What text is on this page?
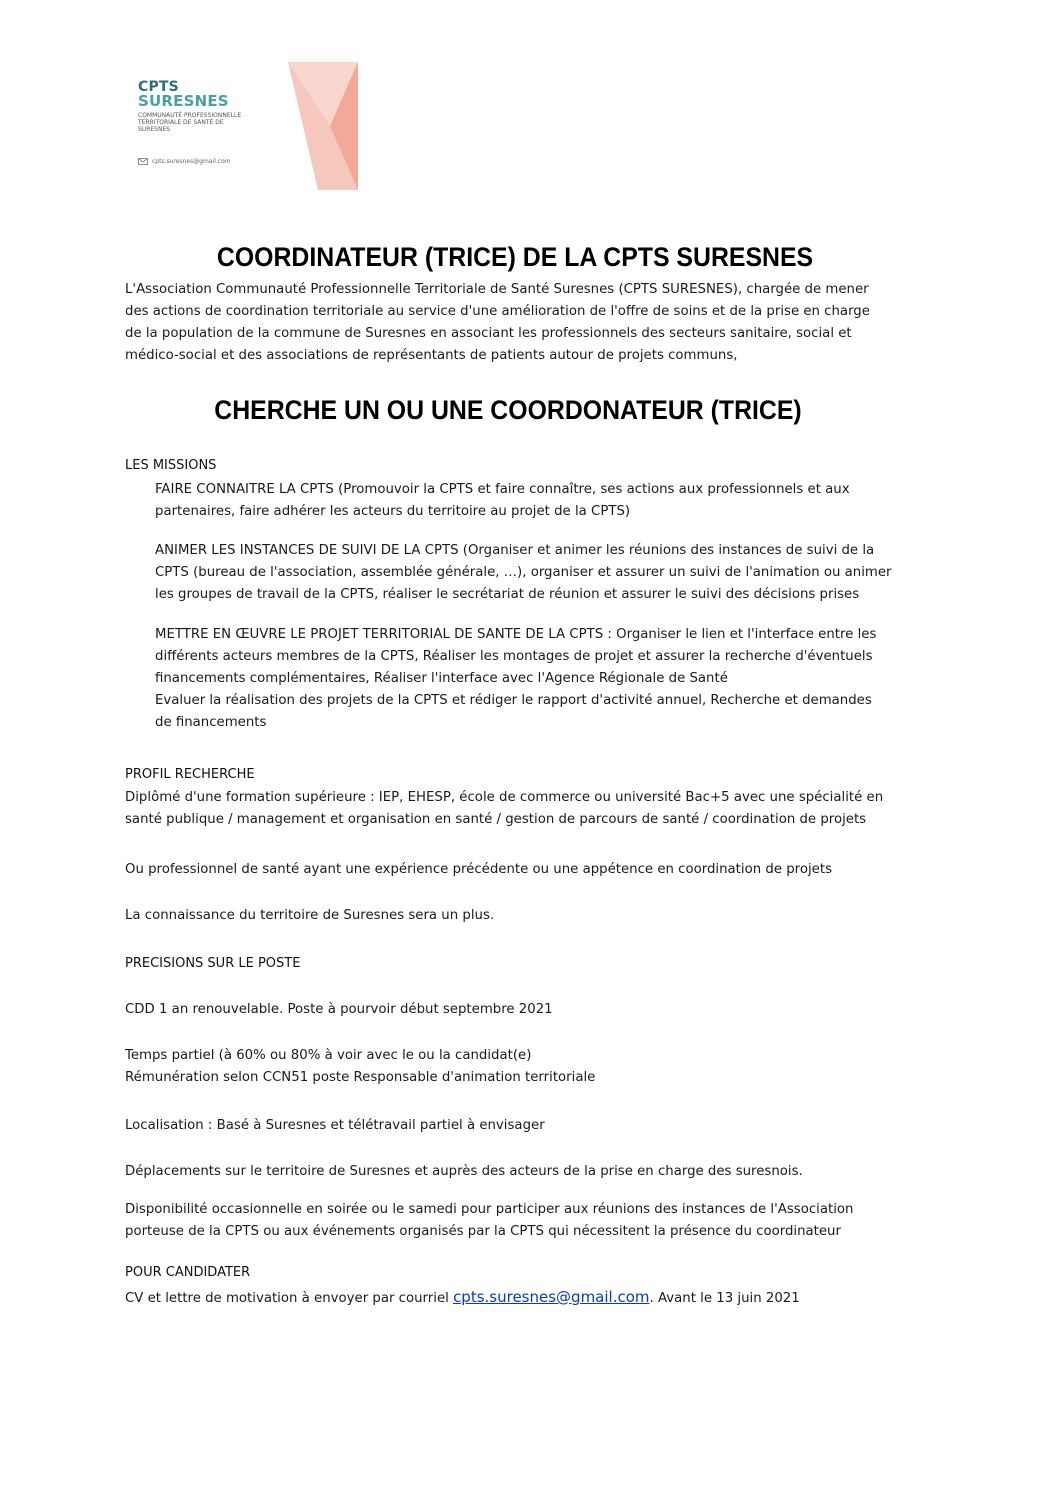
CPTS
SURESNES
COMMUNAUTÉ PROFESSIONNELLE TERRITORIALE DE SANTÉ DE SURESNES
cpts.suresnes@gmail.com
COORDINATEUR (TRICE) DE LA CPTS SURESNES

L'Association Communauté Professionnelle Territoriale de Santé Suresnes (CPTS SURESNES), chargée de mener
des actions de coordination territoriale au service d'une amélioration de l'offre de soins et de la prise en charge
de la population de la commune de Suresnes en associant les professionnels des secteurs sanitaire, social et
médico-social et des associations de représentants de patients autour de projets communs,

CHERCHE UN OU UNE COORDONATEUR (TRICE)
LES MISSIONS

FAIRE CONNAITRE LA CPTS (Promouvoir la CPTS et faire connaître, ses actions aux professionnels et aux
partenaires, faire adhérer les acteurs du territoire au projet de la CPTS)

ANIMER LES INSTANCES DE SUIVI DE LA CPTS (Organiser et animer les réunions des instances de suivi de la
CPTS (bureau de l'association, assemblée générale, …), organiser et assurer un suivi de l'animation ou animer
les groupes de travail de la CPTS, réaliser le secrétariat de réunion et assurer le suivi des décisions prises

METTRE EN ŒUVRE LE PROJET TERRITORIAL DE SANTE DE LA CPTS : Organiser le lien et l'interface entre les
différents acteurs membres de la CPTS, Réaliser les montages de projet et assurer la recherche d'éventuels
financements complémentaires, Réaliser l'interface avec l'Agence Régionale de Santé
Evaluer la réalisation des projets de la CPTS et rédiger le rapport d'activité annuel, Recherche et demandes
de financements

PROFIL RECHERCHE

Diplômé d'une formation supérieure : IEP, EHESP, école de commerce ou université Bac+5 avec une spécialité en
santé publique / management et organisation en santé / gestion de parcours de santé / coordination de projets

Ou professionnel de santé ayant une expérience précédente ou une appétence en coordination de projets

La connaissance du territoire de Suresnes sera un plus.

PRECISIONS SUR LE POSTE

CDD 1 an renouvelable. Poste à pourvoir début septembre 2021

Temps partiel (à 60% ou 80% à voir avec le ou la candidat(e)
Rémunération selon CCN51 poste Responsable d'animation territoriale

Localisation : Basé à Suresnes et télétravail partiel à envisager

Déplacements sur le territoire de Suresnes et auprès des acteurs de la prise en charge des suresnois.

Disponibilité occasionnelle en soirée ou le samedi pour participer aux réunions des instances de l'Association
porteuse de la CPTS ou aux événements organisés par la CPTS qui nécessitent la présence du coordinateur

POUR CANDIDATER

CV et lettre de motivation à envoyer par courriel cpts.suresnes@gmail.com. Avant le 13 juin 2021
